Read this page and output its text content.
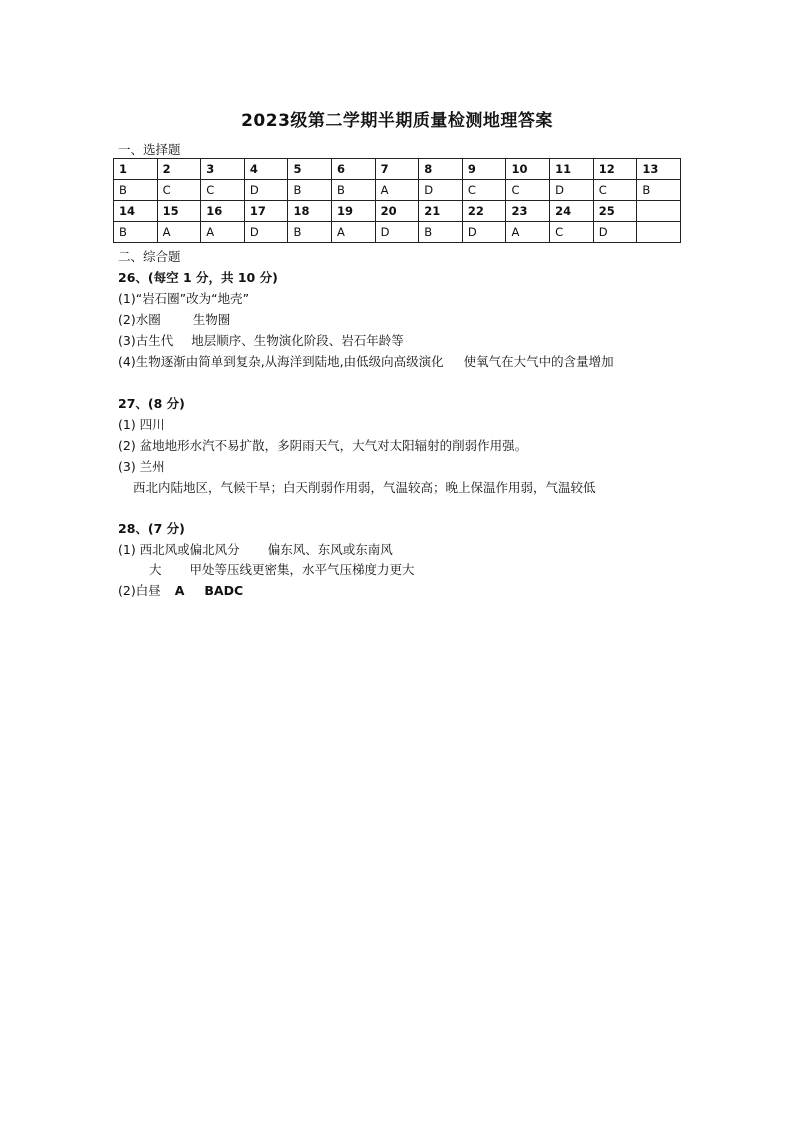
2023级第二学期半期质量检测地理答案
一、选择题
1	2	3	4	5	6	7	8	9	10	11	12	13
B	C	C	D	B	B	A	D	C	C	D	C	B
14	15	16	17	18	19	20	21	22	23	24	25	
B	A	A	D	B	A	D	B	D	A	C	D	
二、综合题
26、(每空 1 分，共 10 分)
(1)“岩石圈”改为“地壳”
(2)水圈	生物圈
(3)古生代 地层顺序、生物演化阶段、岩石年龄等
(4)生物逐渐由简单到复杂,从海洋到陆地,由低级向高级演化 使氧气在大气中的含量增加
27、(8 分)
(1) 四川
(2) 盆地地形水汽不易扩散，多阴雨天气，大气对太阳辐射的削弱作用强。
(3) 兰州
西北内陆地区，气候干旱；白天削弱作用弱，气温较高；晚上保温作用弱，气温较低
28、(7 分)
(1) 西北风或偏北风分 偏东风、东风或东南风
大 甲处等压线更密集，水平气压梯度力更大
(2)白昼 A BADC
